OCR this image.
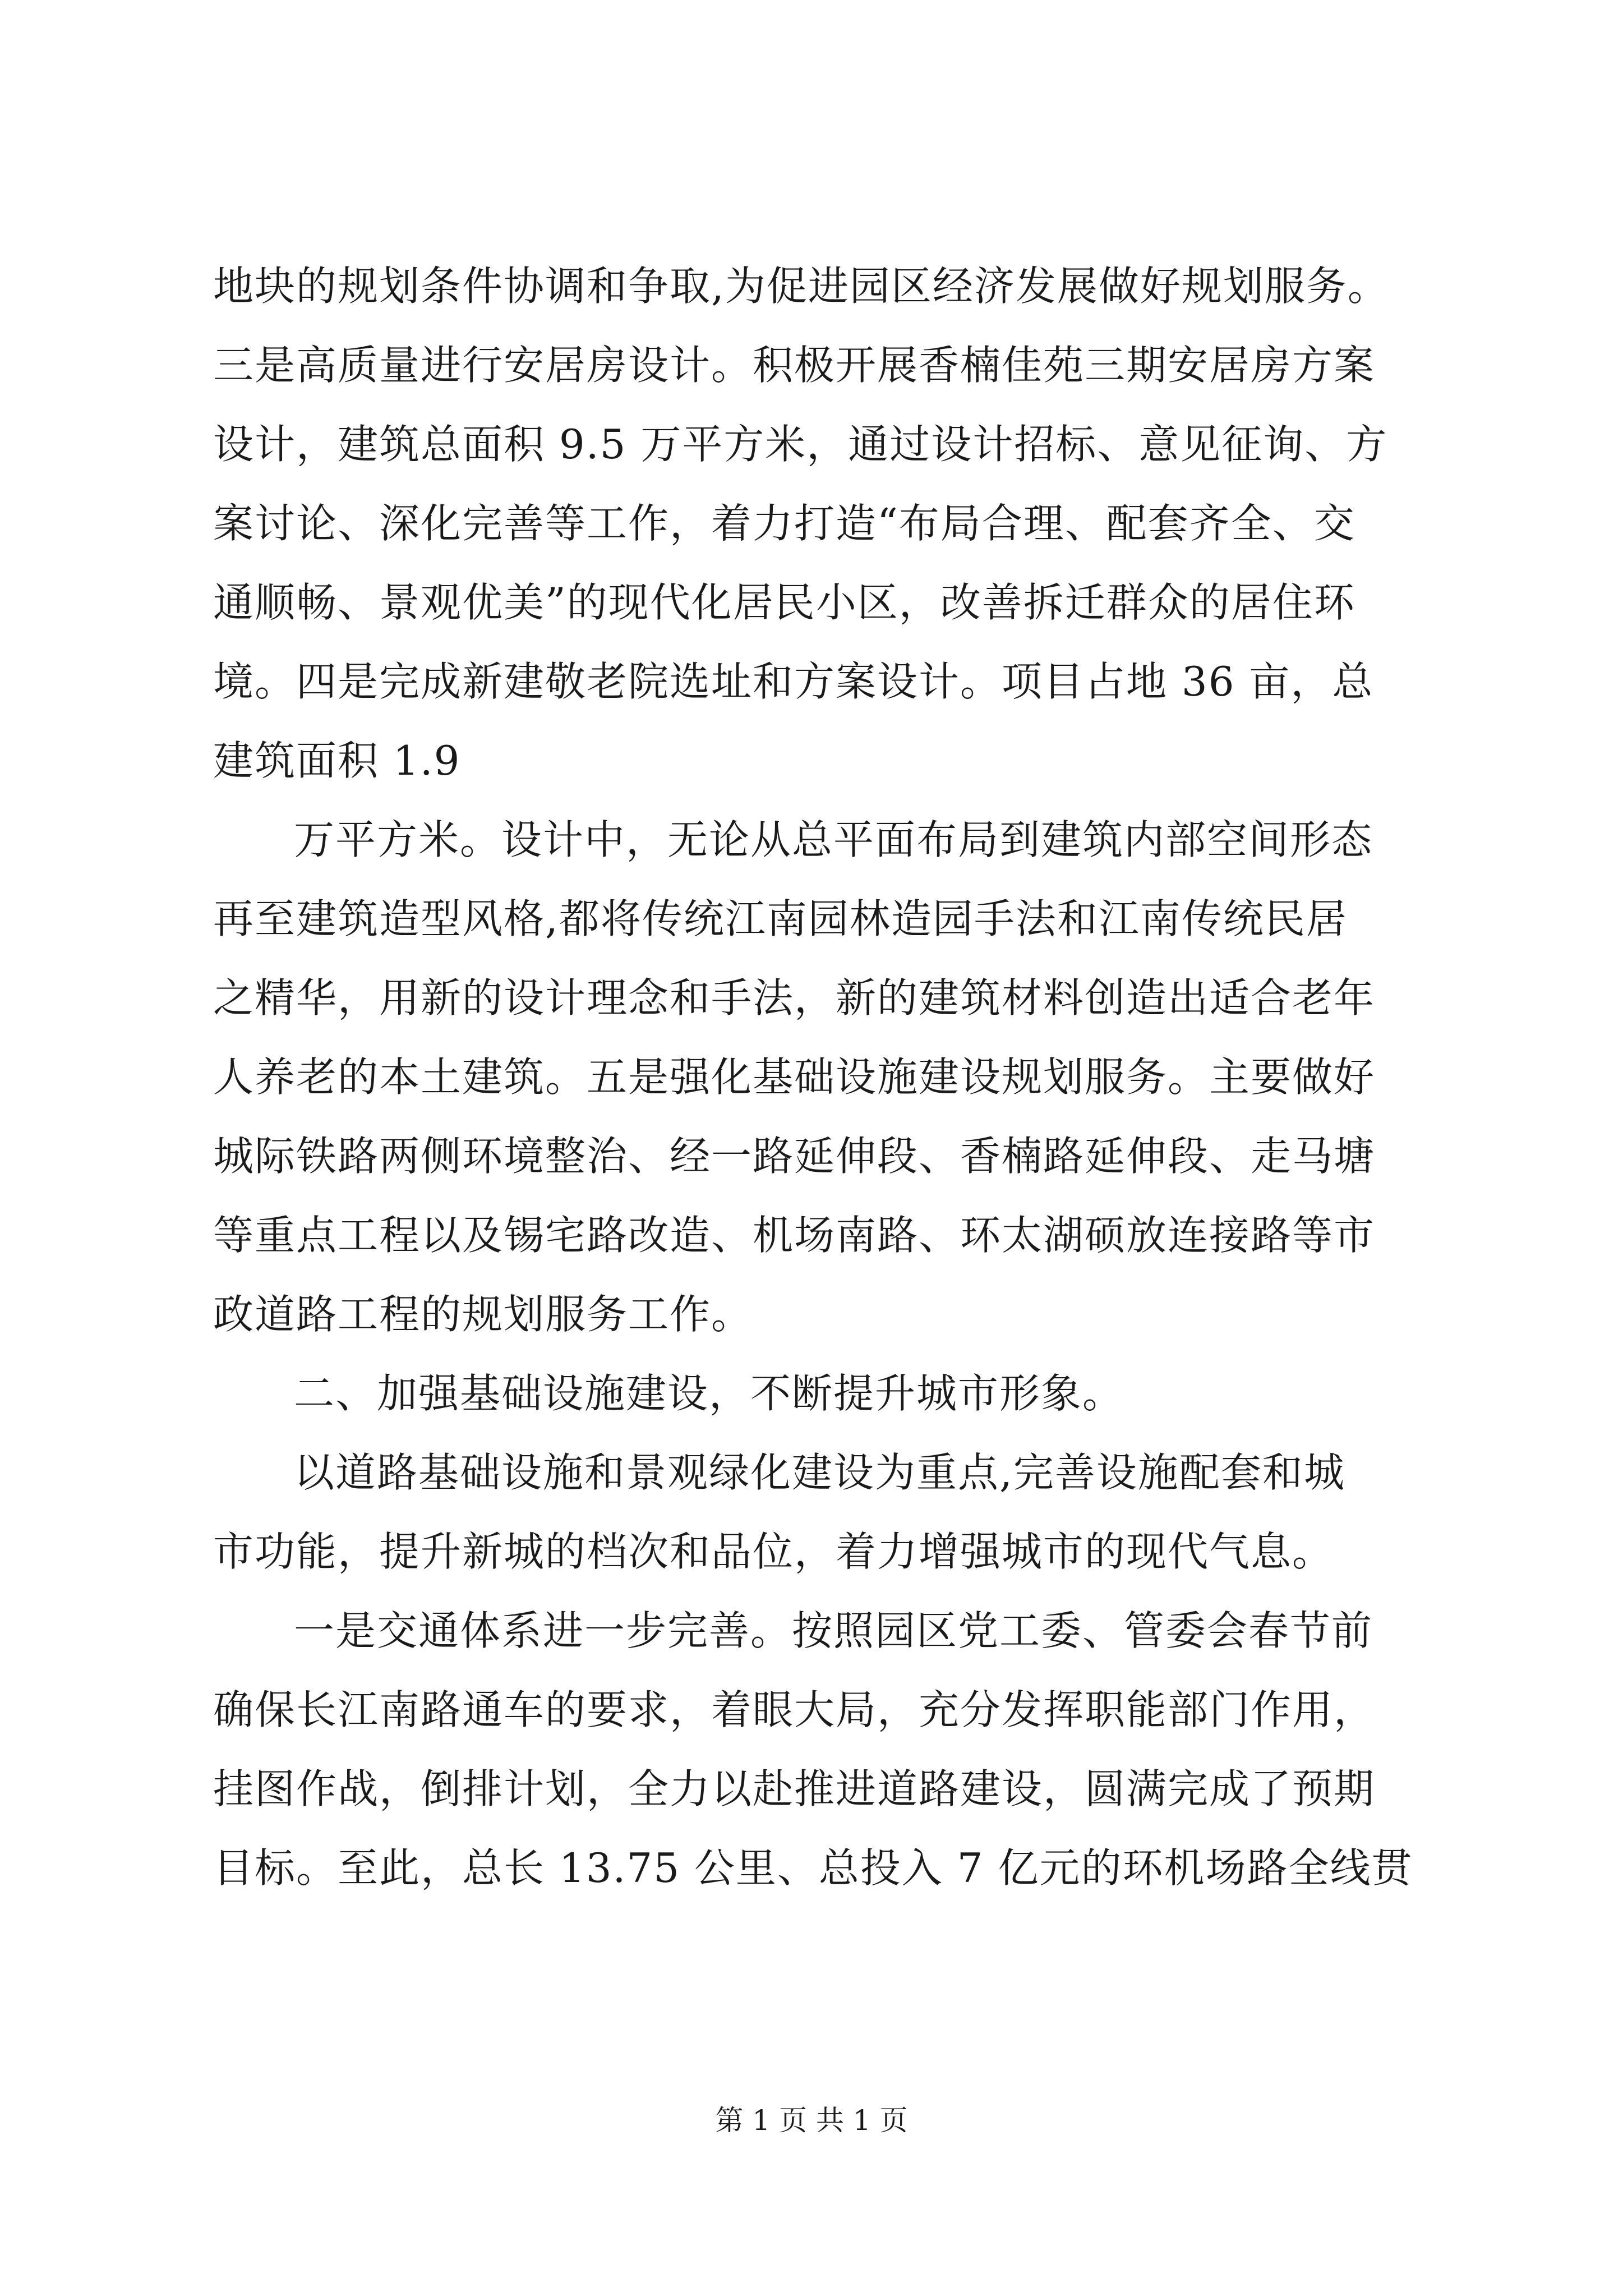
地块的规划条件协调和争取,为促进园区经济发展做好规划服务。
三是高质量进行安居房设计。积极开展香楠佳苑三期安居房方案
设计，建筑总面积 9.5 万平方米，通过设计招标、意见征询、方
案讨论、深化完善等工作，着力打造“布局合理、配套齐全、交
通顺畅、景观优美”的现代化居民小区，改善拆迁群众的居住环
境。四是完成新建敬老院选址和方案设计。项目占地 36 亩，总
建筑面积 1.9
万平方米。设计中，无论从总平面布局到建筑内部空间形态
再至建筑造型风格,都将传统江南园林造园手法和江南传统民居
之精华，用新的设计理念和手法，新的建筑材料创造出适合老年
人养老的本土建筑。五是强化基础设施建设规划服务。主要做好
城际铁路两侧环境整治、经一路延伸段、香楠路延伸段、走马塘
等重点工程以及锡宅路改造、机场南路、环太湖硕放连接路等市
政道路工程的规划服务工作。
二、加强基础设施建设，不断提升城市形象。
以道路基础设施和景观绿化建设为重点,完善设施配套和城
市功能，提升新城的档次和品位，着力增强城市的现代气息。
一是交通体系进一步完善。按照园区党工委、管委会春节前
确保长江南路通车的要求，着眼大局，充分发挥职能部门作用，
挂图作战，倒排计划，全力以赴推进道路建设，圆满完成了预期
目标。至此，总长 13.75 公里、总投入 7 亿元的环机场路全线贯
第 1 页 共 1 页
